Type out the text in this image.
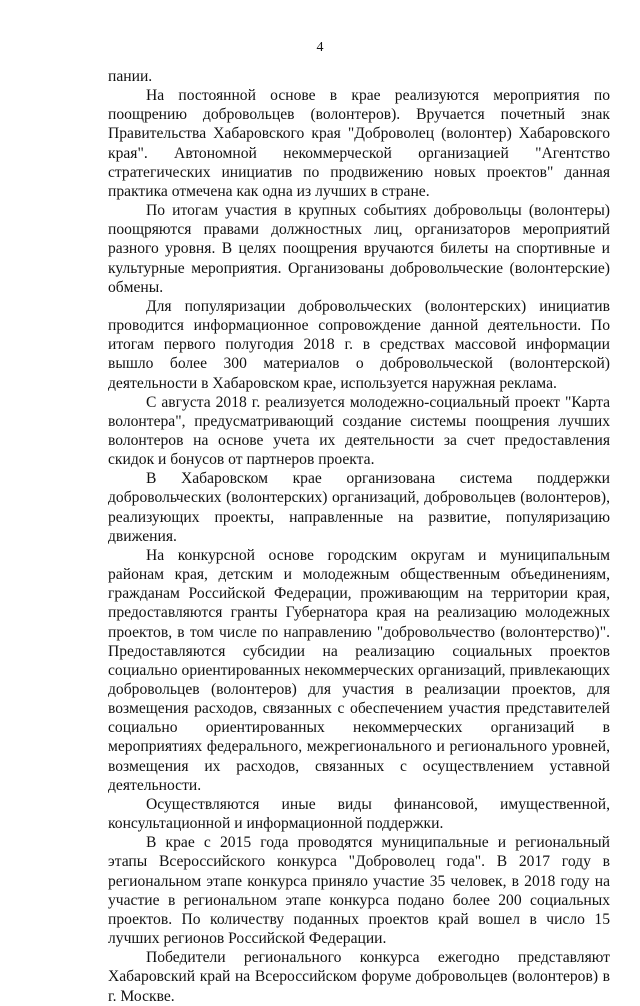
4

пании.

На постоянной основе в крае реализуются мероприятия по поощрению добровольцев (волонтеров). Вручается почетный знак Правительства Хабаровского края "Доброволец (волонтер) Хабаровского края". Автономной некоммерческой организацией "Агентство стратегических инициатив по продвижению новых проектов" данная практика отмечена как одна из лучших в стране.

По итогам участия в крупных событиях добровольцы (волонтеры) поощряются правами должностных лиц, организаторов мероприятий разного уровня. В целях поощрения вручаются билеты на спортивные и культурные мероприятия. Организованы добровольческие (волонтерские) обмены.

Для популяризации добровольческих (волонтерских) инициатив проводится информационное сопровождение данной деятельности. По итогам первого полугодия 2018 г. в средствах массовой информации вышло более 300 материалов о добровольческой (волонтерской) деятельности в Хабаровском крае, используется наружная реклама.

С августа 2018 г. реализуется молодежно-социальный проект "Карта волонтера", предусматривающий создание системы поощрения лучших волонтеров на основе учета их деятельности за счет предоставления скидок и бонусов от партнеров проекта.

В Хабаровском крае организована система поддержки добровольческих (волонтерских) организаций, добровольцев (волонтеров), реализующих проекты, направленные на развитие, популяризацию движения.

На конкурсной основе городским округам и муниципальным районам края, детским и молодежным общественным объединениям, гражданам Российской Федерации, проживающим на территории края, предоставляются гранты Губернатора края на реализацию молодежных проектов, в том числе по направлению "добровольчество (волонтерство)". Предоставляются субсидии на реализацию социальных проектов социально ориентированных некоммерческих организаций, привлекающих добровольцев (волонтеров) для участия в реализации проектов, для возмещения расходов, связанных с обеспечением участия представителей социально ориентированных некоммерческих организаций в мероприятиях федерального, межрегионального и регионального уровней, возмещения их расходов, связанных с осуществлением уставной деятельности.

Осуществляются иные виды финансовой, имущественной, консультационной и информационной поддержки.

В крае с 2015 года проводятся муниципальные и региональный этапы Всероссийского конкурса "Доброволец года". В 2017 году в региональном этапе конкурса приняло участие 35 человек, в 2018 году на участие в региональном этапе конкурса подано более 200 социальных проектов. По количеству поданных проектов край вошел в число 15 лучших регионов Российской Федерации.

Победители регионального конкурса ежегодно представляют Хабаровский край на Всероссийском форуме добровольцев (волонтеров) в г. Москве.
